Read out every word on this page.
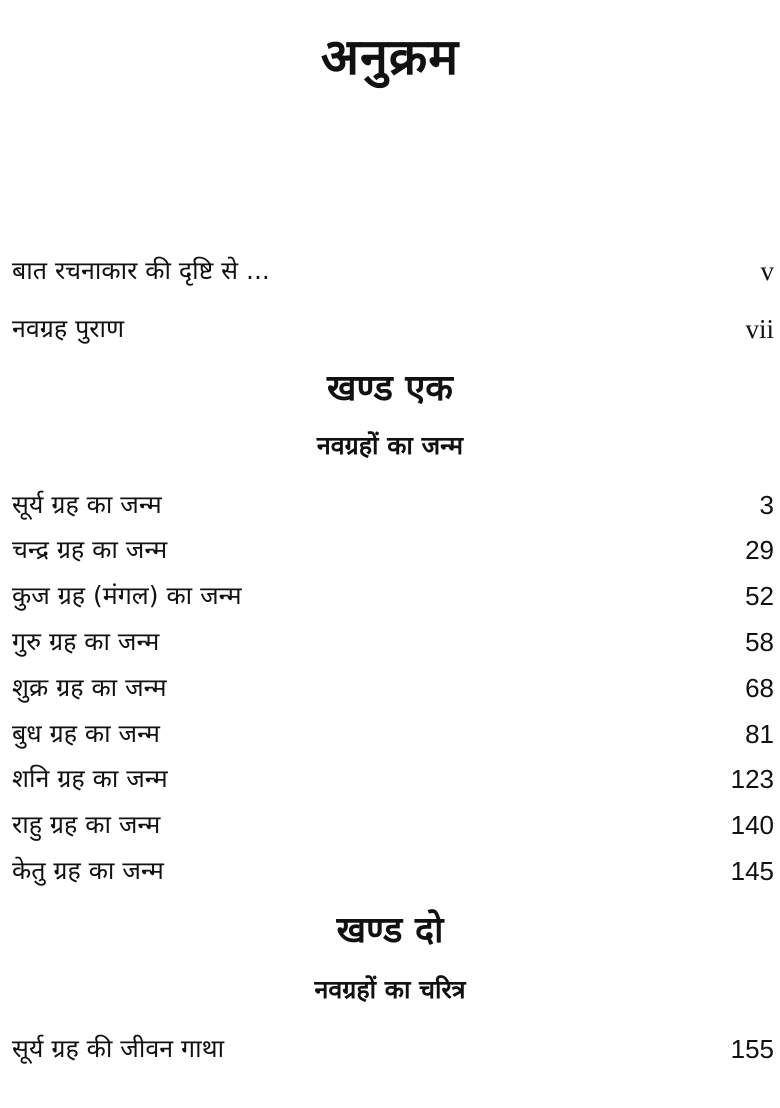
अनुक्रम
बात रचनाकार की दृष्टि से ...	v
नवग्रह पुराण	vii
खण्ड एक
नवग्रहों का जन्म
सूर्य ग्रह का जन्म	3
चन्द्र ग्रह का जन्म	29
कुज ग्रह (मंगल) का जन्म	52
गुरु ग्रह का जन्म	58
शुक्र ग्रह का जन्म	68
बुध ग्रह का जन्म	81
शनि ग्रह का जन्म	123
राहु ग्रह का जन्म	140
केतु ग्रह का जन्म	145
खण्ड दो
नवग्रहों का चरित्र
सूर्य ग्रह की जीवन गाथा	155
